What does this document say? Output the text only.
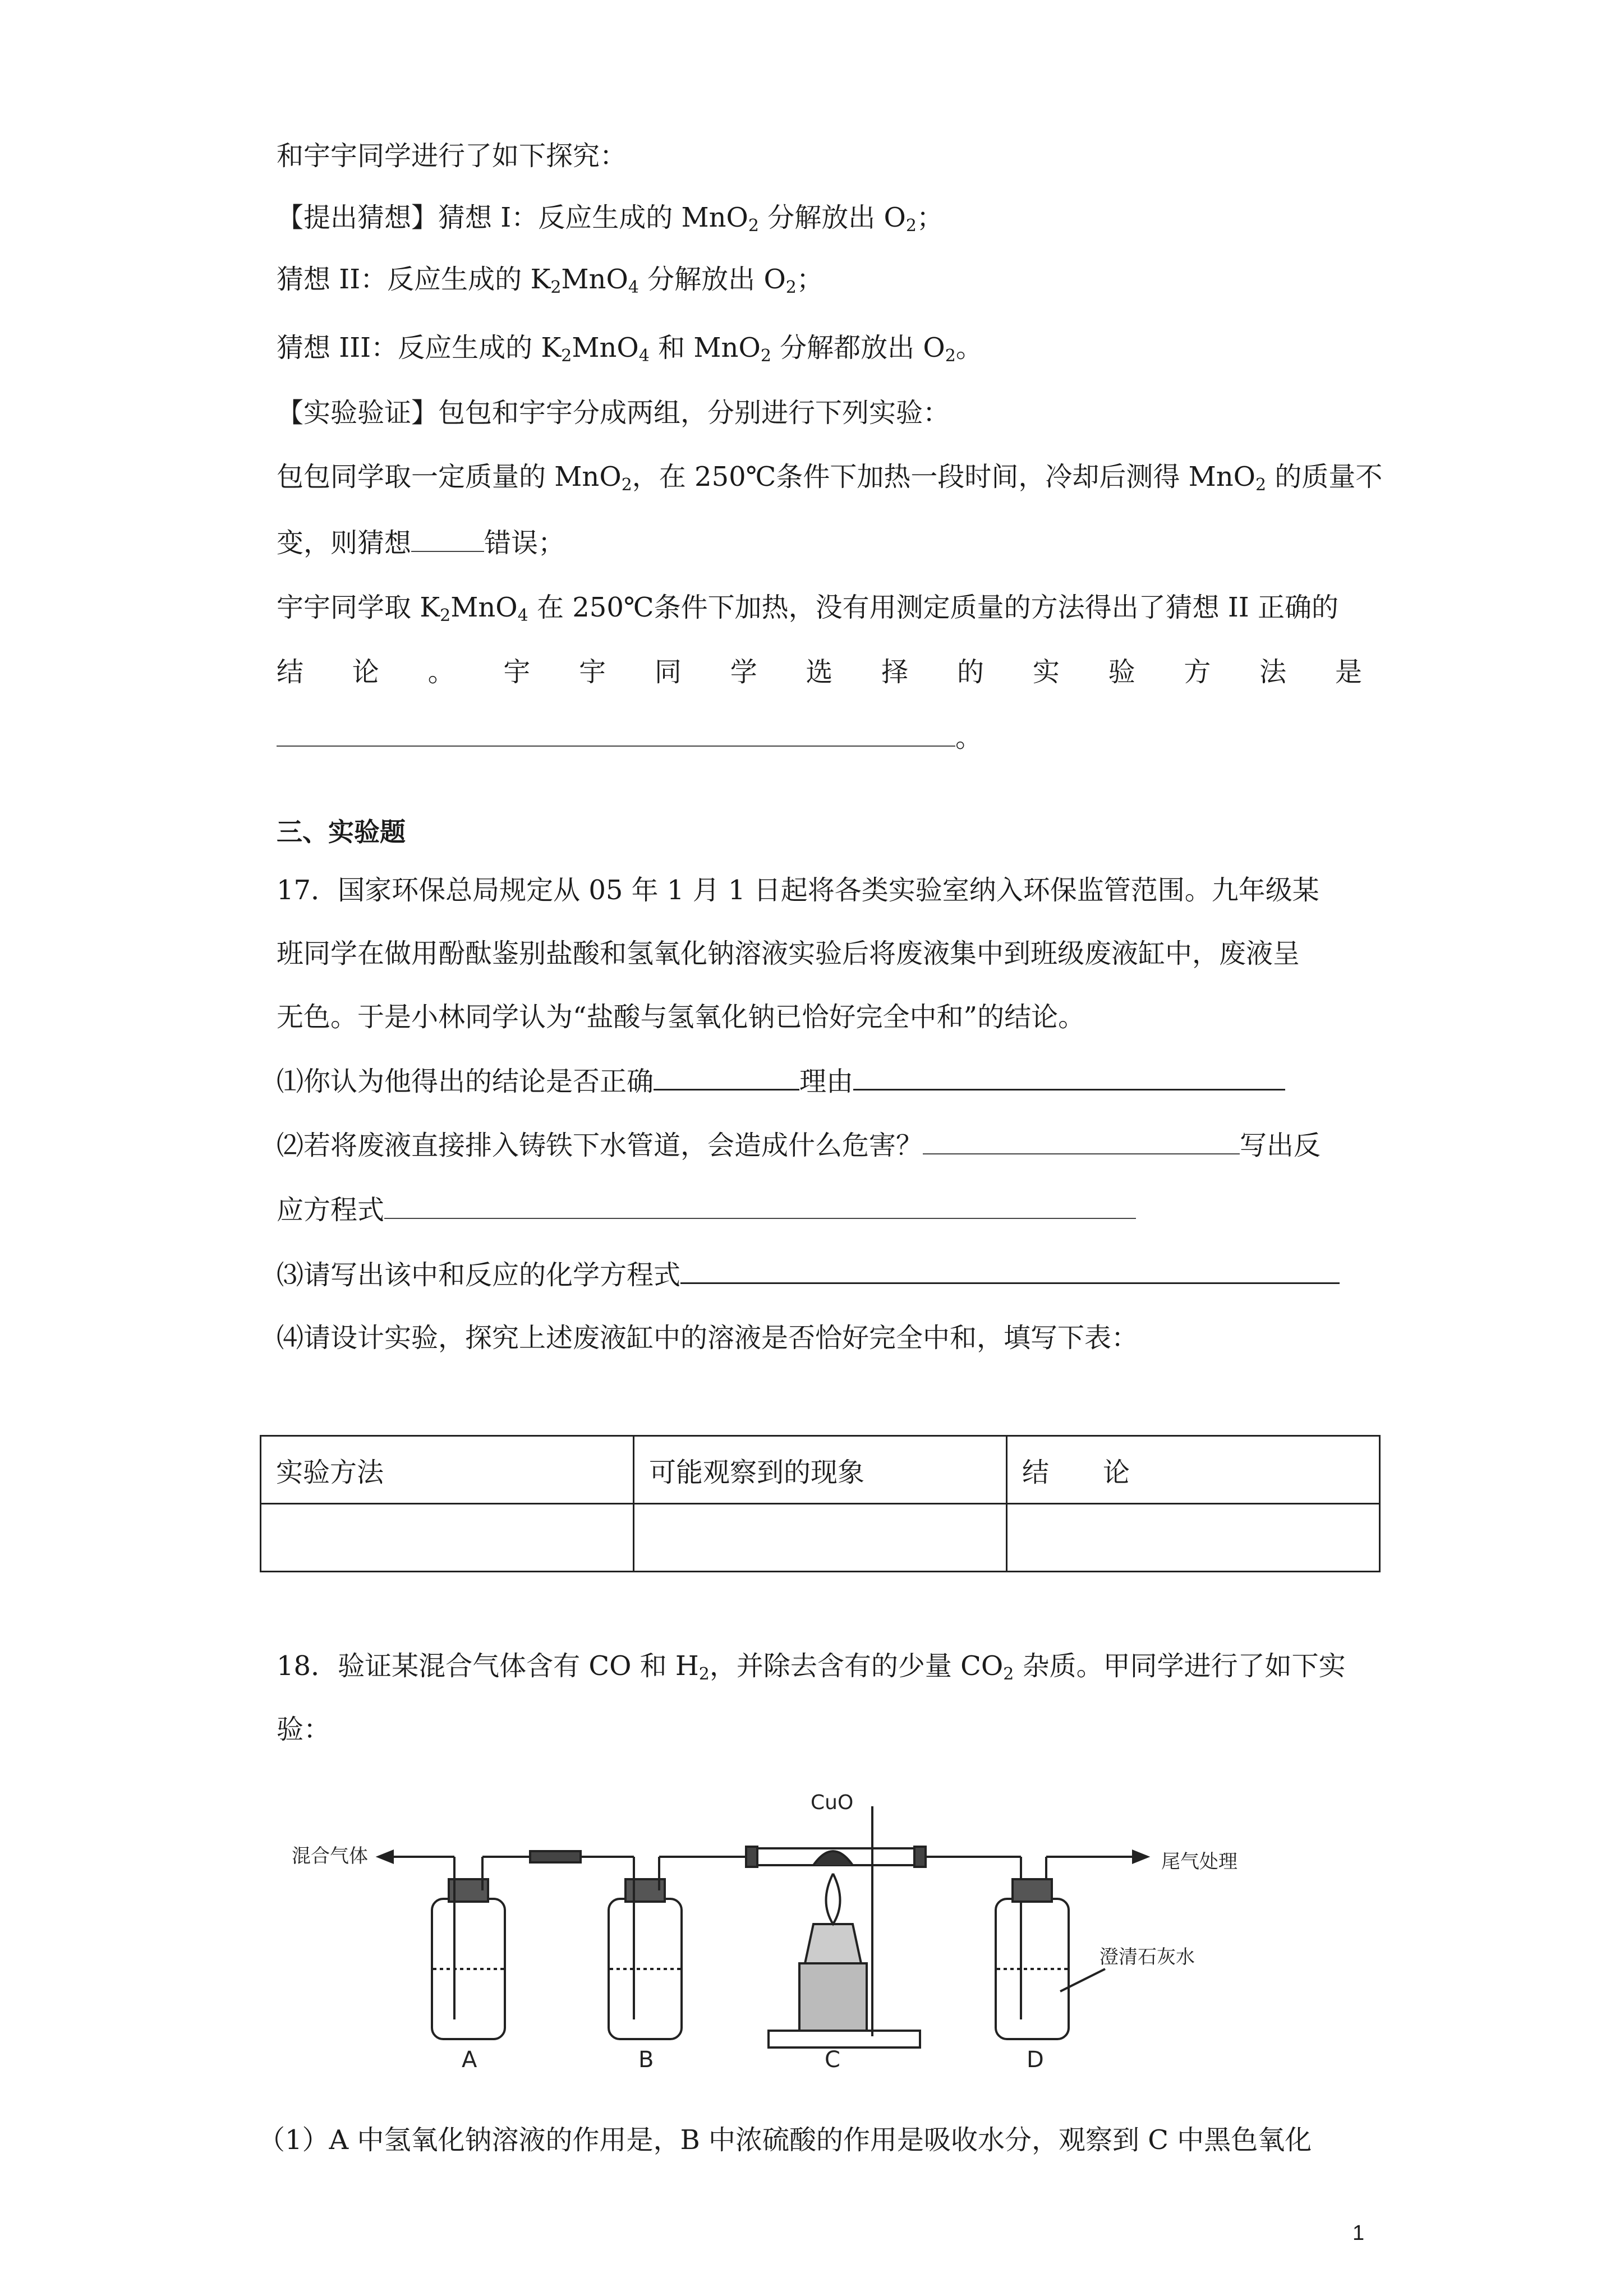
和宇宇同学进行了如下探究：
【提出猜想】猜想 I：反应生成的 MnO$_2$ 分解放出 $O_2$；
猜想 II：反应生成的 $K_2MnO_4$ 分解放出 $O_2$；
猜想 III：反应生成的 $K_2MnO_4$ 和 MnO$_2$ 分解都放出 $O_2$。
【实验验证】包包和宇宇分成两组，分别进行下列实验：
包包同学取一定质量的 MnO$_2$，在 250℃条件下加热一段时间，冷却后测得 MnO$_2$ 的质量不
变，则猜想	错误；
宇宇同学取 $K_2MnO_4$ 在 250℃条件下加热，没有用测定质量的方法得出了猜想 II 正确的
结 论 。 宇 宇 同 学 选 择 的 实 验 方 法 是
。
三、实验题
17．国家环保总局规定从 05 年 1 月 1 日起将各类实验室纳入环保监管范围。九年级某
班同学在做用酚酞鉴别盐酸和氢氧化钠溶液实验后将废液集中到班级废液缸中，废液呈
无色。于是小林同学认为“盐酸与氢氧化钠已恰好完全中和”的结论。
⑴你认为他得出的结论是否正确	理由
⑵若将废液直接排入铸铁下水管道，会造成什么危害？	写出反
应方程式
⑶请写出该中和反应的化学方程式
⑷请设计实验，探究上述废液缸中的溶液是否恰好完全中和，填写下表：
实验方法	可能观察到的现象	结　　论

18．验证某混合气体含有 CO 和 $H_2$，并除去含有的少量 $CO_2$ 杂质。甲同学进行了如下实
验：
混合气体
CuO
尾气处理
澄清石灰水
A	B	C	D
（1）A 中氢氧化钠溶液的作用是，B 中浓硫酸的作用是吸收水分，观察到 C 中黑色氧化
1
